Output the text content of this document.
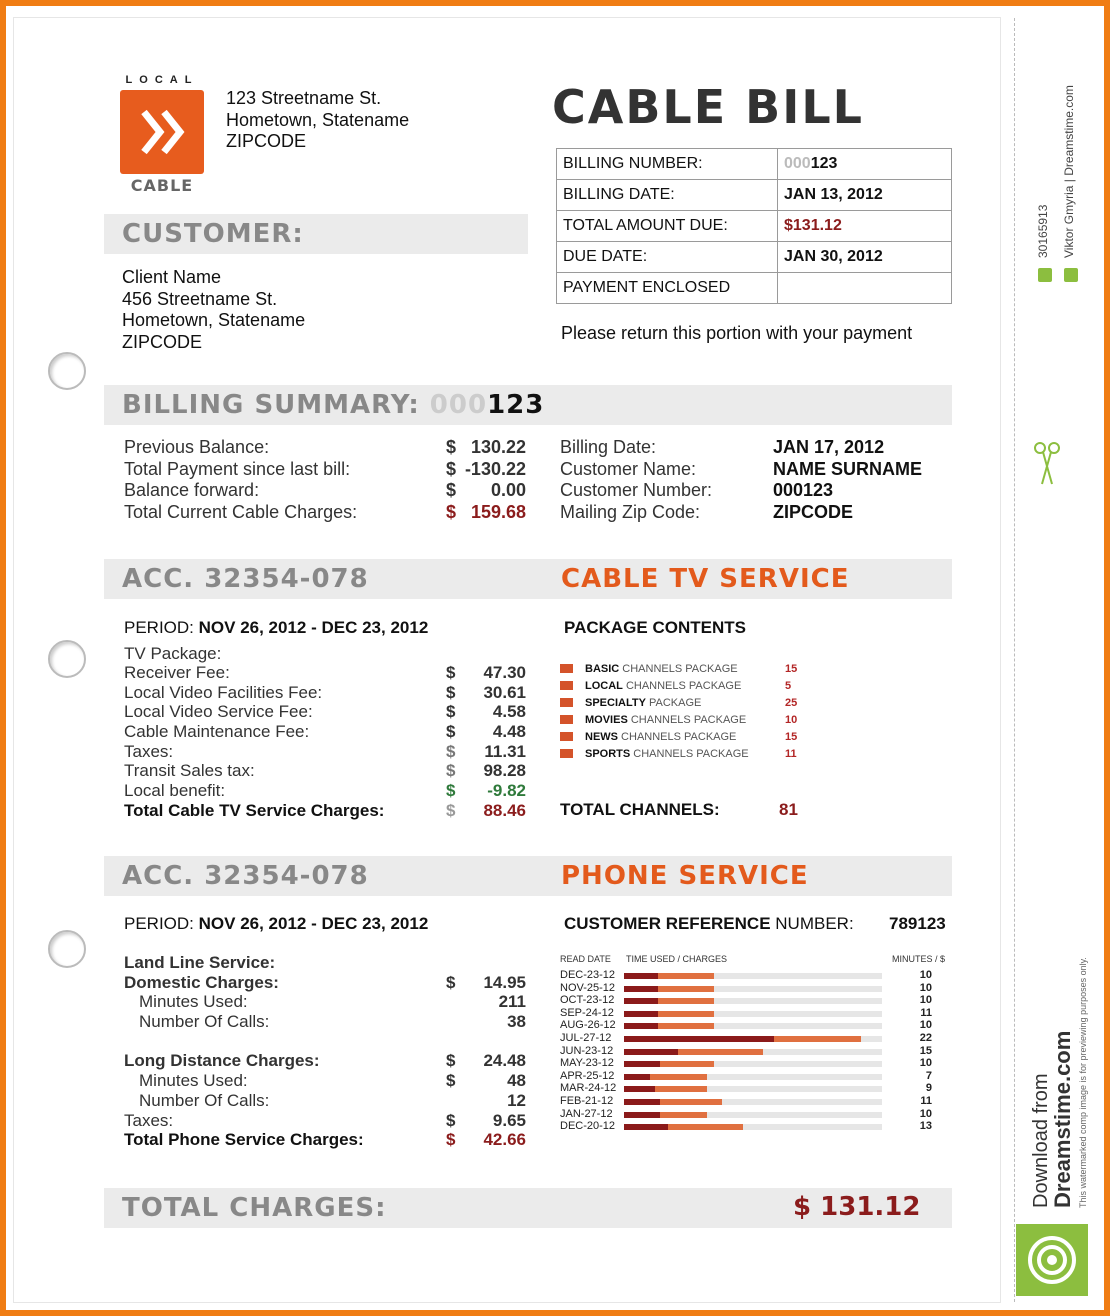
LOCAL
CABLE
123 Streetname St.
Hometown, Statename
ZIPCODE
CABLE BILL
BILLING NUMBER:	000123
BILLING DATE:	JAN 13, 2012
TOTAL AMOUNT DUE:	$131.12
DUE DATE:	JAN 30, 2012
PAYMENT ENCLOSED	
Please return this portion with your payment
CUSTOMER:
Client Name
456 Streetname St.
Hometown, Statename
ZIPCODE
BILLING SUMMARY: 000123
Previous Balance:	$ 130.22
Total Payment since last bill:	$ -130.22
Balance forward:	$	0.00
Total Current Cable Charges:	$ 159.68
Billing Date:	JAN 17, 2012
Customer Name:	NAME SURNAME
Customer Number:	000123
Mailing Zip Code:	ZIPCODE
ACC. 32354-078	CABLE TV SERVICE
PERIOD: NOV 26, 2012 - DEC 23, 2012
TV Package:
Receiver Fee:	$	47.30
Local Video Facilities Fee:	$	30.61
Local Video Service Fee:	$	4.58
Cable Maintenance Fee:	$	4.48
Taxes:	$	11.31
Transit Sales tax:	$	98.28
Local benefit:	$	-9.82
Total Cable TV Service Charges:	$	88.46
PACKAGE CONTENTS
BASIC CHANNELS PACKAGE	15
LOCAL CHANNELS PACKAGE	5
SPECIALTY PACKAGE	25
MOVIES CHANNELS PACKAGE	10
NEWS CHANNELS PACKAGE	15
SPORTS CHANNELS PACKAGE	11
TOTAL CHANNELS:	81
ACC. 32354-078	PHONE SERVICE
PERIOD: NOV 26, 2012 - DEC 23, 2012	CUSTOMER REFERENCE NUMBER: 789123
Land Line Service:
Domestic Charges:	$	14.95
Minutes Used:	211
Number Of Calls:	38
Long Distance Charges:	$	24.48
Minutes Used:	$	48
Number Of Calls:	12
Taxes:	$	9.65
Total Phone Service Charges:	$	42.66
READ DATE TIME USED / CHARGES	MINUTES / $
DEC-23-12	10
NOV-25-12	10
OCT-23-12	10
SEP-24-12	11
AUG-26-12	10
JUL-27-12	22
JUN-23-12	15
MAY-23-12	10
APR-25-12	7
MAR-24-12	9
FEB-21-12	11
JAN-27-12	10
DEC-20-12	13
TOTAL CHARGES:	$ 131.12
30165913 Viktor Gmyria | Dreamstime.com
Download from
Dreamstime.com This watermarked comp image is for previewing purposes only.
